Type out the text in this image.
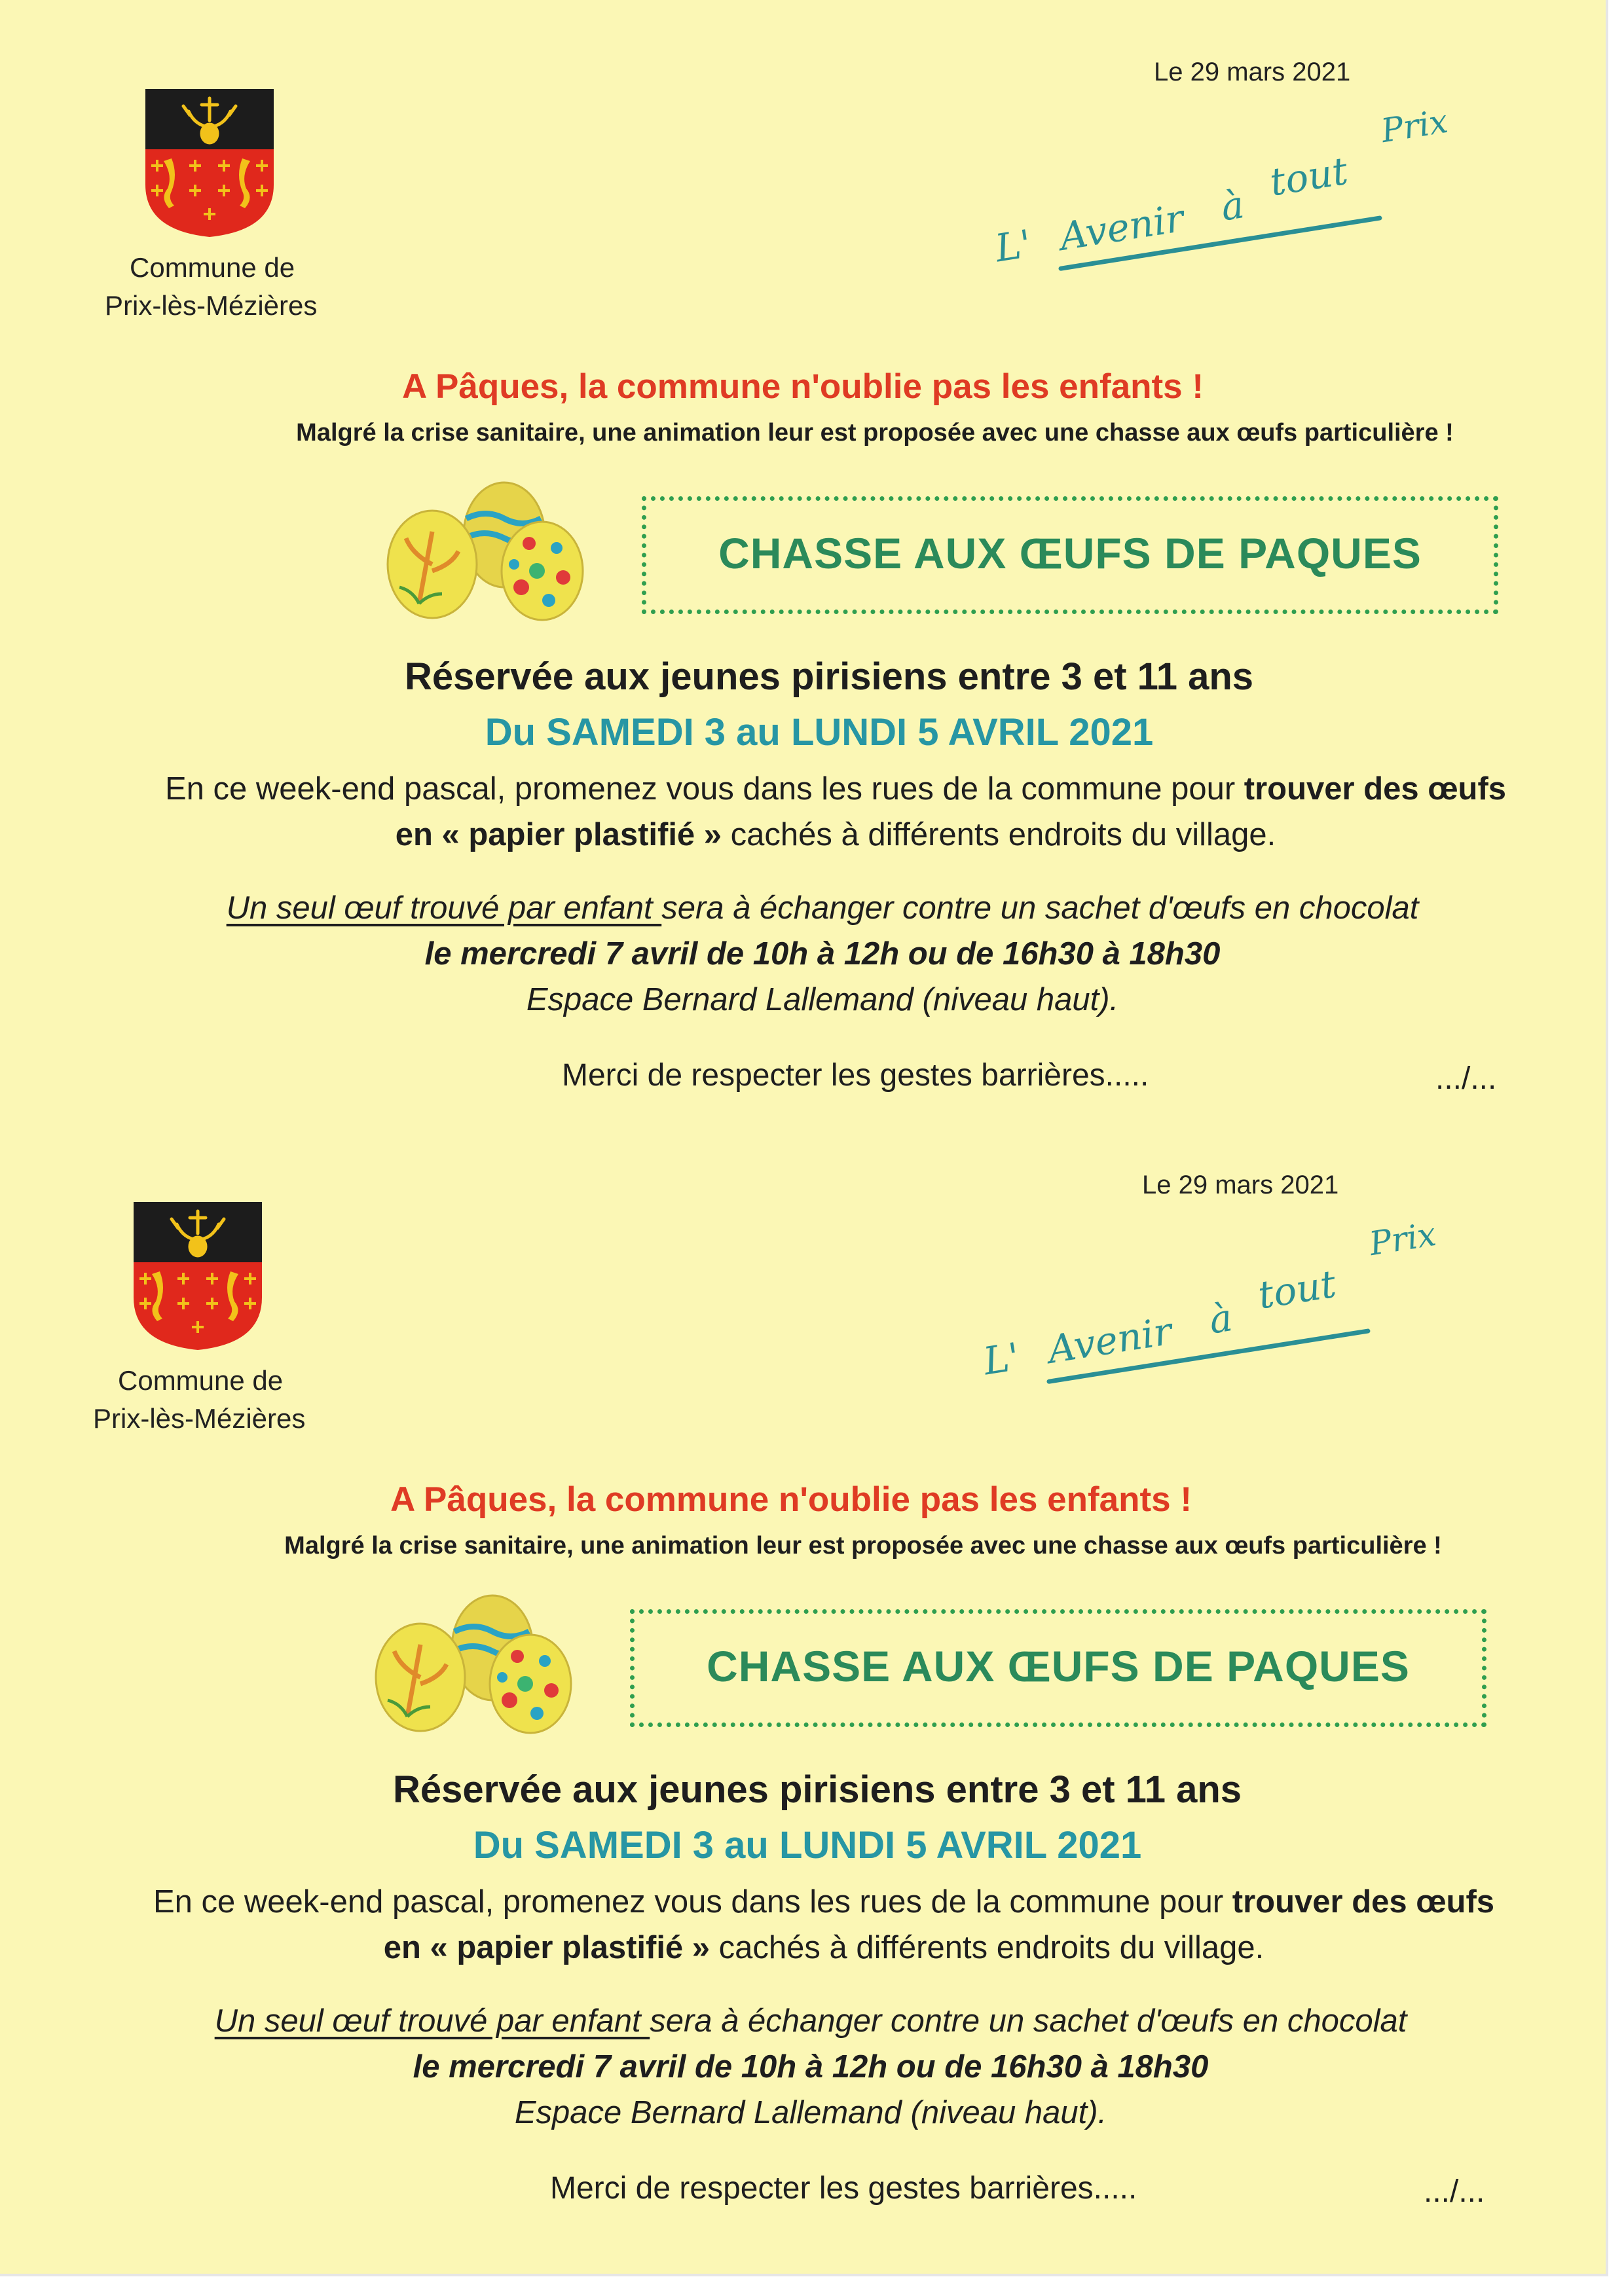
Le 29 mars 2021
Commune de
Prix-lès-Mézières
L' Avenir à
tout
Prix
A Pâques, la commune n'oublie pas les enfants !
Malgré la crise sanitaire, une animation leur est proposée avec une chasse aux œufs particulière !
CHASSE AUX ŒUFS DE PAQUES
Réservée aux jeunes pirisiens entre 3 et 11 ans
Du SAMEDI 3 au LUNDI 5 AVRIL 2021
En ce week-end pascal, promenez vous dans les rues de la commune pour trouver des œufs
en « papier plastifié » cachés à différents endroits du village.
Un seul œuf trouvé par enfant sera à échanger contre un sachet d'œufs en chocolat
le mercredi 7 avril de 10h à 12h ou de 16h30 à 18h30
Espace Bernard Lallemand (niveau haut).
Merci de respecter les gestes barrières.....	.../...
Le 29 mars 2021
Commune de
Prix-lès-Mézières
L' Avenir à
tout
Prix
A Pâques, la commune n'oublie pas les enfants !
Malgré la crise sanitaire, une animation leur est proposée avec une chasse aux œufs particulière !
CHASSE AUX ŒUFS DE PAQUES
Réservée aux jeunes pirisiens entre 3 et 11 ans
Du SAMEDI 3 au LUNDI 5 AVRIL 2021
En ce week-end pascal, promenez vous dans les rues de la commune pour trouver des œufs
en « papier plastifié » cachés à différents endroits du village.
Un seul œuf trouvé par enfant sera à échanger contre un sachet d'œufs en chocolat
le mercredi 7 avril de 10h à 12h ou de 16h30 à 18h30
Espace Bernard Lallemand (niveau haut).
Merci de respecter les gestes barrières.....	.../...
